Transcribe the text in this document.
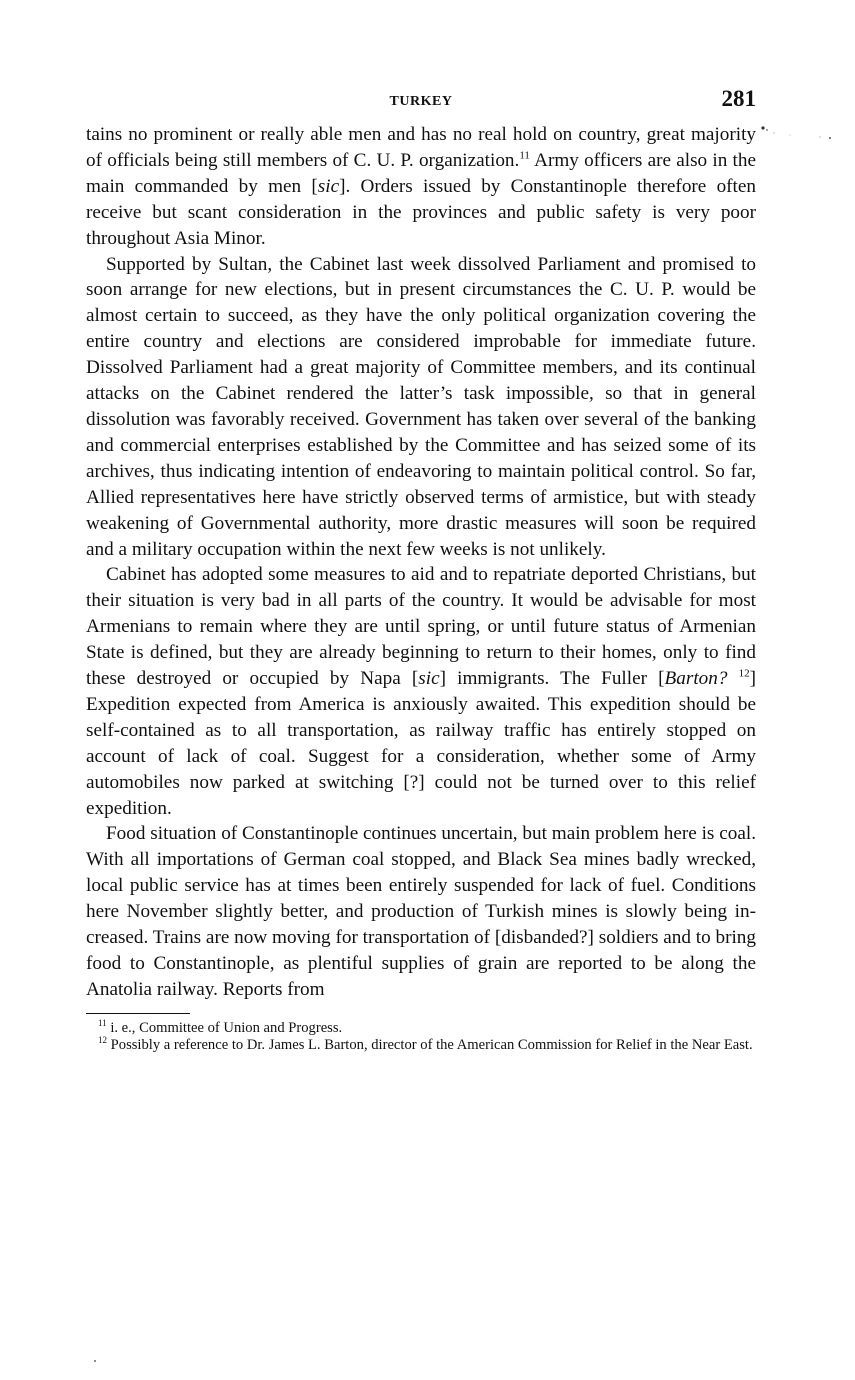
TURKEY	281

tains no prominent or really able men and has no real hold on country, great majority of officials being still members of C. U. P. organization.$^{11}$ Army officers are also in the main commanded by men [sic]. Orders issued by Constantinople therefore often receive but scant consideration in the provinces and public safety is very poor throughout Asia Minor.

Supported by Sultan, the Cabinet last week dissolved Parliament and promised to soon arrange for new elections, but in present circumstances the C. U. P. would be almost certain to succeed, as they have the only political organization covering the entire country and elections are considered improbable for immediate future. Dissolved Parliament had a great majority of Committee members, and its continual attacks on the Cabinet rendered the latter’s task impossible, so that in general dissolution was favorably received. Government has taken over several of the banking and commercial enterprises established by the Committee and has seized some of its archives, thus indicating intention of endeavoring to maintain political control. So far, Allied representatives here have strictly observed terms of armistice, but with steady weakening of Governmental authority, more drastic measures will soon be required and a military occupation within the next few weeks is not unlikely.

Cabinet has adopted some measures to aid and to repatriate deported Christians, but their situation is very bad in all parts of the country. It would be advisable for most Armenians to remain where they are until spring, or until future status of Armenian State is defined, but they are already beginning to return to their homes, only to find these destroyed or occupied by Napa [sic] immigrants. The Fuller [Barton? $^{12}$] Expedition expected from America is anxiously awaited. This expedition should be self-contained as to all transportation, as railway traffic has entirely stopped on account of lack of coal. Suggest for a consideration, whether some of Army automobiles now parked at switching [?] could not be turned over to this relief expedition.

Food situation of Constantinople continues uncertain, but main problem here is coal. With all importations of German coal stopped, and Black Sea mines badly wrecked, local public service has at times been entirely suspended for lack of fuel. Conditions here November slightly better, and production of Turkish mines is slowly being increased. Trains are now moving for transportation of [disbanded?] soldiers and to bring food to Constantinople, as plentiful supplies of grain are reported to be along the Anatolia railway. Reports from

$^{11}$ i. e., Committee of Union and Progress.

$^{12}$ Possibly a reference to Dr. James L. Barton, director of the American Commission for Relief in the Near East.
